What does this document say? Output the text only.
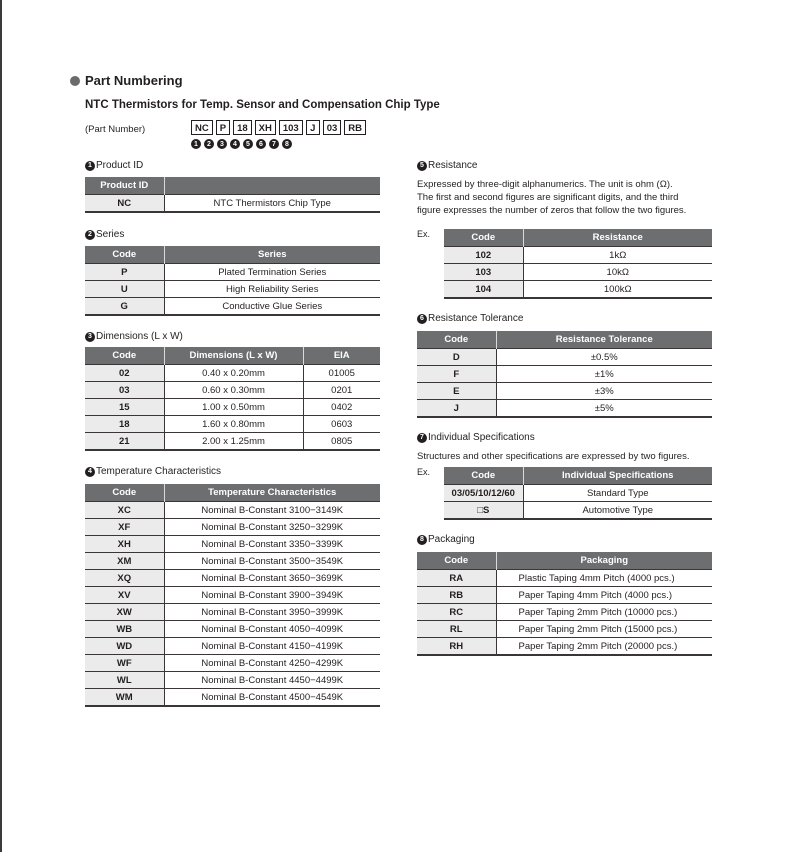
Part Numbering
NTC Thermistors for Temp. Sensor and Compensation Chip Type
(Part Number)	NC	P	18	XH	103	J	03	RB
1	2	3	4	5	6	7	8
1 Product ID
Product ID	
NC	NTC Thermistors Chip Type
2 Series
Code	Series
P	Plated Termination Series
U	High Reliability Series
G	Conductive Glue Series
3 Dimensions (L x W)
Code	Dimensions (L x W)	EIA
02	0.40 x 0.20mm	01005
03	0.60 x 0.30mm	0201
15	1.00 x 0.50mm	0402
18	1.60 x 0.80mm	0603
21	2.00 x 1.25mm	0805
4 Temperature Characteristics
Code	Temperature Characteristics
XC	Nominal B-Constant 3100−3149K
XF	Nominal B-Constant 3250−3299K
XH	Nominal B-Constant 3350−3399K
XM	Nominal B-Constant 3500−3549K
XQ	Nominal B-Constant 3650−3699K
XV	Nominal B-Constant 3900−3949K
XW	Nominal B-Constant 3950−3999K
WB	Nominal B-Constant 4050−4099K
WD	Nominal B-Constant 4150−4199K
WF	Nominal B-Constant 4250−4299K
WL	Nominal B-Constant 4450−4499K
WM	Nominal B-Constant 4500−4549K
5 Resistance
Expressed by three-digit alphanumerics. The unit is ohm (Ω).
The first and second figures are significant digits, and the third
figure expresses the number of zeros that follow the two figures.
Ex.	Code	Resistance
102	1kΩ
103	10kΩ
104	100kΩ
6 Resistance Tolerance
Code	Resistance Tolerance
D	±0.5%
F	±1%
E	±3%
J	±5%
7 Individual Specifications
Structures and other specifications are expressed by two figures.
Ex.	Code	Individual Specifications
03/05/10/12/60	Standard Type
□S	Automotive Type
8 Packaging
Code	Packaging
RA	Plastic Taping 4mm Pitch (4000 pcs.)
RB	Paper Taping 4mm Pitch (4000 pcs.)
RC	Paper Taping 2mm Pitch (10000 pcs.)
RL	Paper Taping 2mm Pitch (15000 pcs.)
RH	Paper Taping 2mm Pitch (20000 pcs.)
